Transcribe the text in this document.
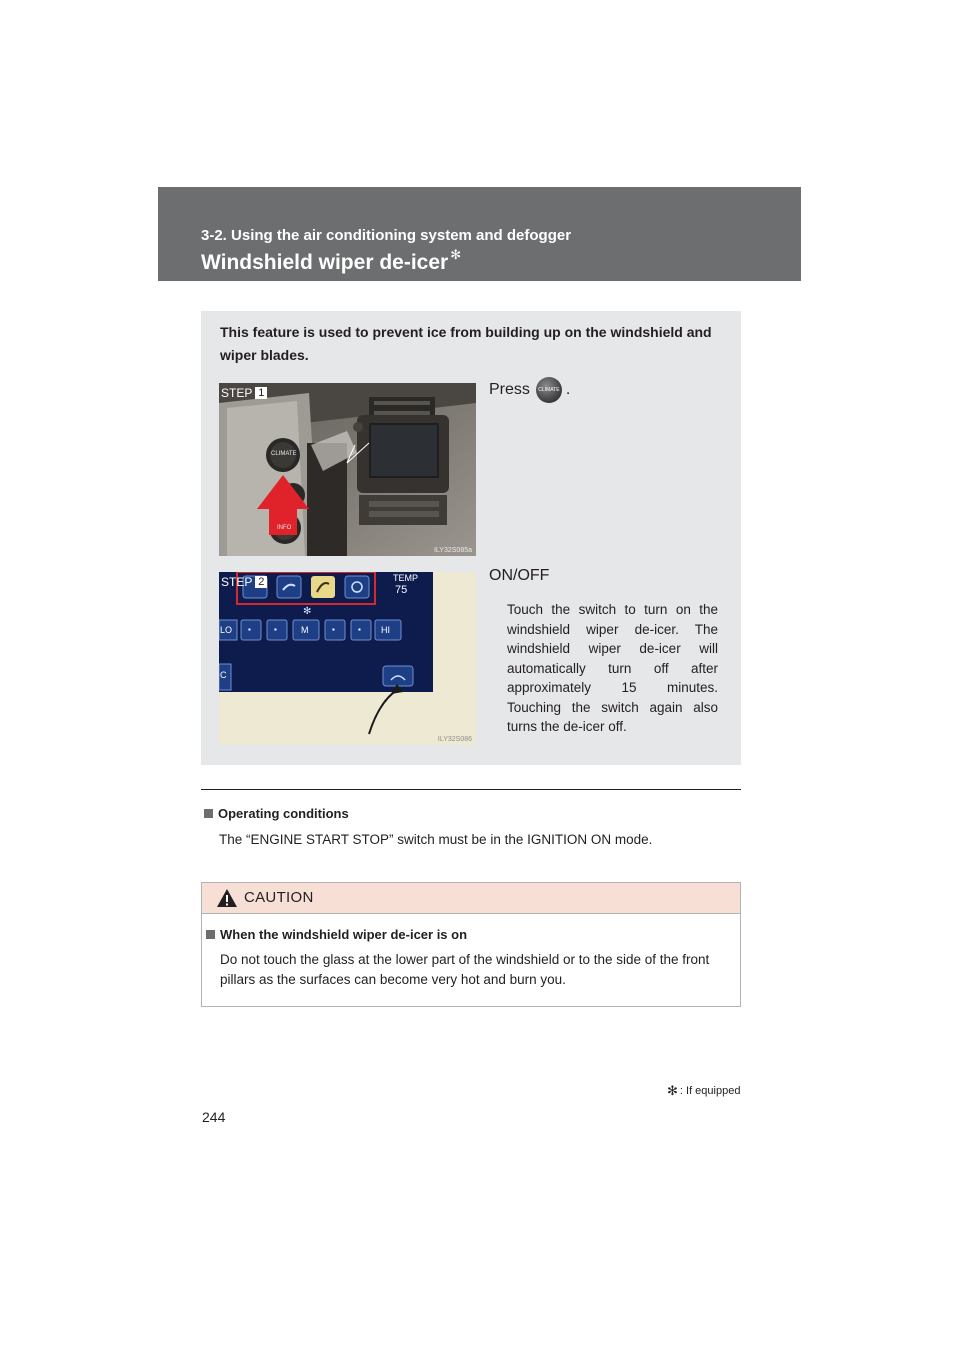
3-2. Using the air conditioning system and defogger
Windshield wiper de-icer ✻
This feature is used to prevent ice from building up on the windshield and wiper blades.
CLIMATE
INFO
STEP 1
ILY32S085a
Press	CLIMATE .
✻
TEMP
75
LO ▪	▪	M	▪	▪ HI
C
STEP 2
ILY32S086
ON/OFF
Touch the switch to turn on the windshield wiper de-icer. The windshield wiper de-icer will automatically turn off after approximately 15 minutes. Touching the switch again also turns the de-icer off.
Operating conditions
The “ENGINE START STOP” switch must be in the IGNITION ON mode.
CAUTION
When the windshield wiper de-icer is on
Do not touch the glass at the lower part of the windshield or to the side of the front pillars as the surfaces can become very hot and burn you.
✻ : If equipped
244
